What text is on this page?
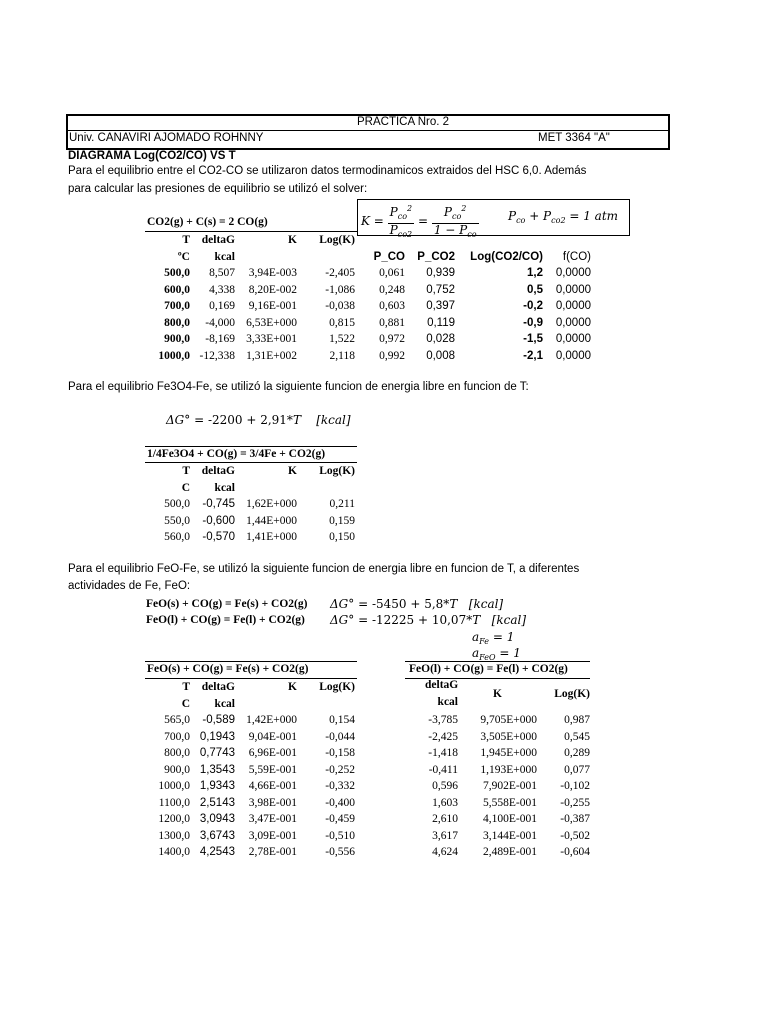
PRÁCTICA Nro. 2
Univ. CANAVIRI AJOMADO ROHNNY	MET 3364 "A"
DIAGRAMA Log(CO2/CO) VS T
Para el equilibrio entre el CO2-CO se utilizaron datos termodinamicos extraidos del HSC 6,0. Además
para calcular las presiones de equilibrio se utilizó el solver:
$K = \frac{P_{co}^2}{P_{co2}} = \frac{P_{co}^2}{1 - P_{co}} P_{co} + P_{co2} = 1$ atm
CO2(g) + C(s) = 2 CO(g)
T	deltaG	K	Log(K)				
ºC	kcal			P_CO	P_CO2	Log(CO2/CO)	f(CO)
500,0	8,507	3,94E-003	-2,405	0,061	0,939	1,2	0,0000
600,0	4,338	8,20E-002	-1,086	0,248	0,752	0,5	0,0000
700,0	0,169	9,16E-001	-0,038	0,603	0,397	-0,2	0,0000
800,0	-4,000	6,53E+000	0,815	0,881	0,119	-0,9	0,0000
900,0	-8,169	3,33E+001	1,522	0,972	0,028	-1,5	0,0000
1000,0	-12,338	1,31E+002	2,118	0,992	0,008	-2,1	0,0000
Para el equilibrio Fe3O4-Fe, se utilizó la siguiente funcion de energia libre en funcion de T:
ΔG° = -2200 + 2,91*T    [kcal]
1/4Fe3O4 + CO(g) = 3/4Fe + CO2(g)
T	deltaG	K	Log(K)
C	kcal		
500,0	-0,745	1,62E+000	0,211
550,0	-0,600	1,44E+000	0,159
560,0	-0,570	1,41E+000	0,150
Para el equilibrio FeO-Fe, se utilizó la siguiente funcion de energia libre en funcion de T, a diferentes
actividades de Fe, FeO:
FeO(s) + CO(g) = Fe(s) + CO2(g) ΔG° = -5450 + 5,8*T   [kcal]
FeO(l) + CO(g) = Fe(l) + CO2(g) ΔG° = -12225 + 10,07*T   [kcal]
$a_{Fe} = 1$
$a_{FeO} = 1$
FeO(s) + CO(g) = Fe(s) + CO2(g)
T	deltaG	K	Log(K)
C	kcal		
565,0	-0,589	1,42E+000	0,154
700,0	0,1943	9,04E-001	-0,044
800,0	0,7743	6,96E-001	-0,158
900,0	1,3543	5,59E-001	-0,252
1000,0	1,9343	4,66E-001	-0,332
1100,0	2,5143	3,98E-001	-0,400
1200,0	3,0943	3,47E-001	-0,459
1300,0	3,6743	3,09E-001	-0,510
1400,0	4,2543	2,78E-001	-0,556
FeO(l) + CO(g) = Fe(l) + CO2(g)
deltaG
kcal
K	Log(K)
-3,785	9,705E+000	0,987
-2,425	3,505E+000	0,545
-1,418	1,945E+000	0,289
-0,411	1,193E+000	0,077
0,596	7,902E-001	-0,102
1,603	5,558E-001	-0,255
2,610	4,100E-001	-0,387
3,617	3,144E-001	-0,502
4,624	2,489E-001	-0,604
